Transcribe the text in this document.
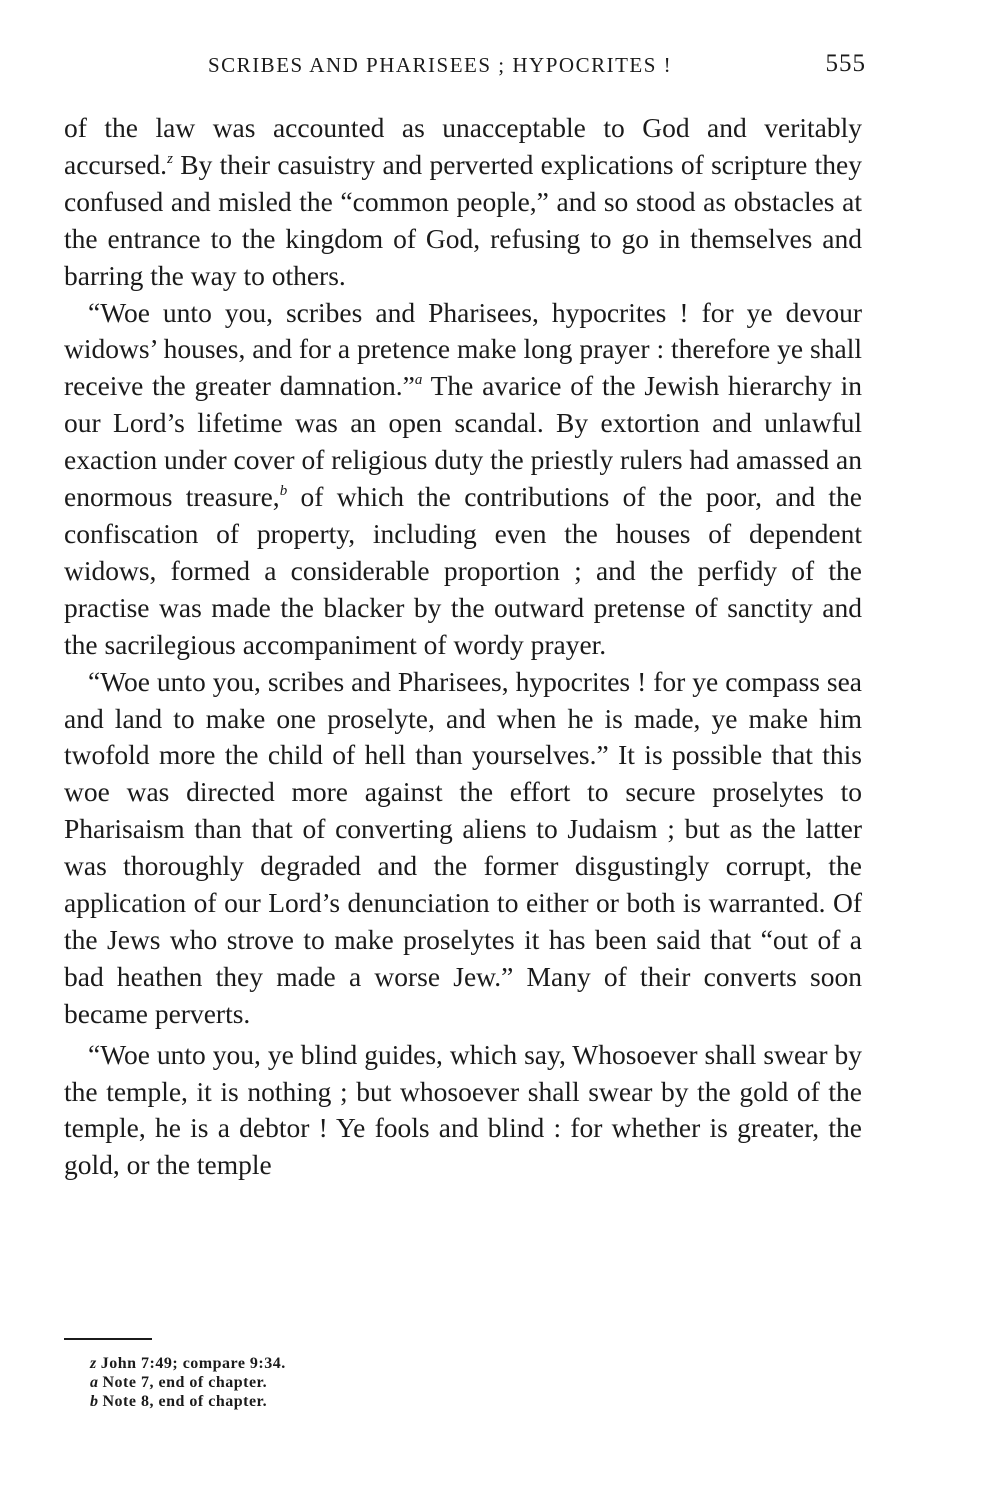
SCRIBES AND PHARISEES ; HYPOCRITES !	555

of the law was accounted as unacceptable to God and veritably accursed.$^z$ By their casuistry and perverted explications of scripture they confused and misled the “common people,” and so stood as obstacles at the entrance to the kingdom of God, refusing to go in themselves and barring the way to others.

“Woe unto you, scribes and Pharisees, hypocrites ! for ye devour widows’ houses, and for a pretence make long prayer : therefore ye shall receive the greater damnation.”$^a$ The avarice of the Jewish hierarchy in our Lord’s lifetime was an open scandal. By extortion and unlawful exaction under cover of religious duty the priestly rulers had amassed an enormous treasure,$^b$ of which the contributions of the poor, and the confiscation of property, including even the houses of dependent widows, formed a considerable proportion ; and the perfidy of the practise was made the blacker by the outward pretense of sanctity and the sacrilegious accompaniment of wordy prayer.

“Woe unto you, scribes and Pharisees, hypocrites ! for ye compass sea and land to make one proselyte, and when he is made, ye make him twofold more the child of hell than yourselves.” It is possible that this woe was directed more against the effort to secure proselytes to Pharisaism than that of converting aliens to Judaism ; but as the latter was thoroughly degraded and the former disgustingly corrupt, the application of our Lord’s denunciation to either or both is warranted. Of the Jews who strove to make proselytes it has been said that “out of a bad heathen they made a worse Jew.” Many of their converts soon became perverts.

“Woe unto you, ye blind guides, which say, Whosoever shall swear by the temple, it is nothing ; but whosoever shall swear by the gold of the temple, he is a debtor ! Ye fools and blind : for whether is greater, the gold, or the temple

z John 7:49; compare 9:34.
a Note 7, end of chapter.
b Note 8, end of chapter.
